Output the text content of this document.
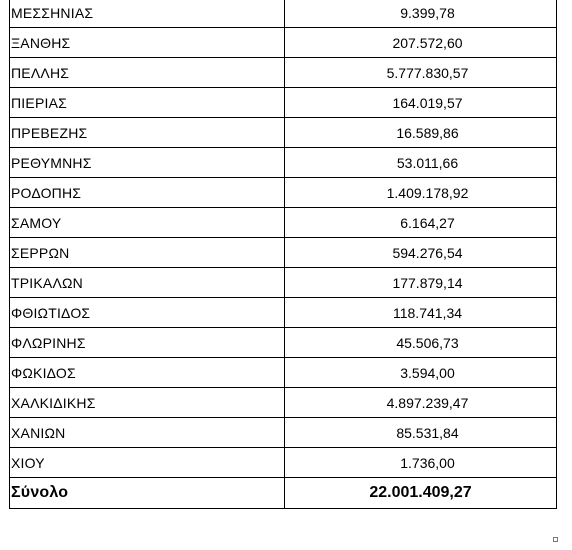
ΜΕΣΣΗΝΙΑΣ	9.399,78
ΞΑΝΘΗΣ	207.572,60
ΠΕΛΛΗΣ	5.777.830,57
ΠΙΕΡΙΑΣ	164.019,57
ΠΡΕΒΕΖΗΣ	16.589,86
ΡΕΘΥΜΝΗΣ	53.011,66
ΡΟΔΟΠΗΣ	1.409.178,92
ΣΑΜΟΥ	6.164,27
ΣΕΡΡΩΝ	594.276,54
ΤΡΙΚΑΛΩΝ	177.879,14
ΦΘΙΩΤΙΔΟΣ	118.741,34
ΦΛΩΡΙΝΗΣ	45.506,73
ΦΩΚΙΔΟΣ	3.594,00
ΧΑΛΚΙΔΙΚΗΣ	4.897.239,47
ΧΑΝΙΩΝ	85.531,84
ΧΙΟΥ	1.736,00
Σύνολο	22.001.409,27
